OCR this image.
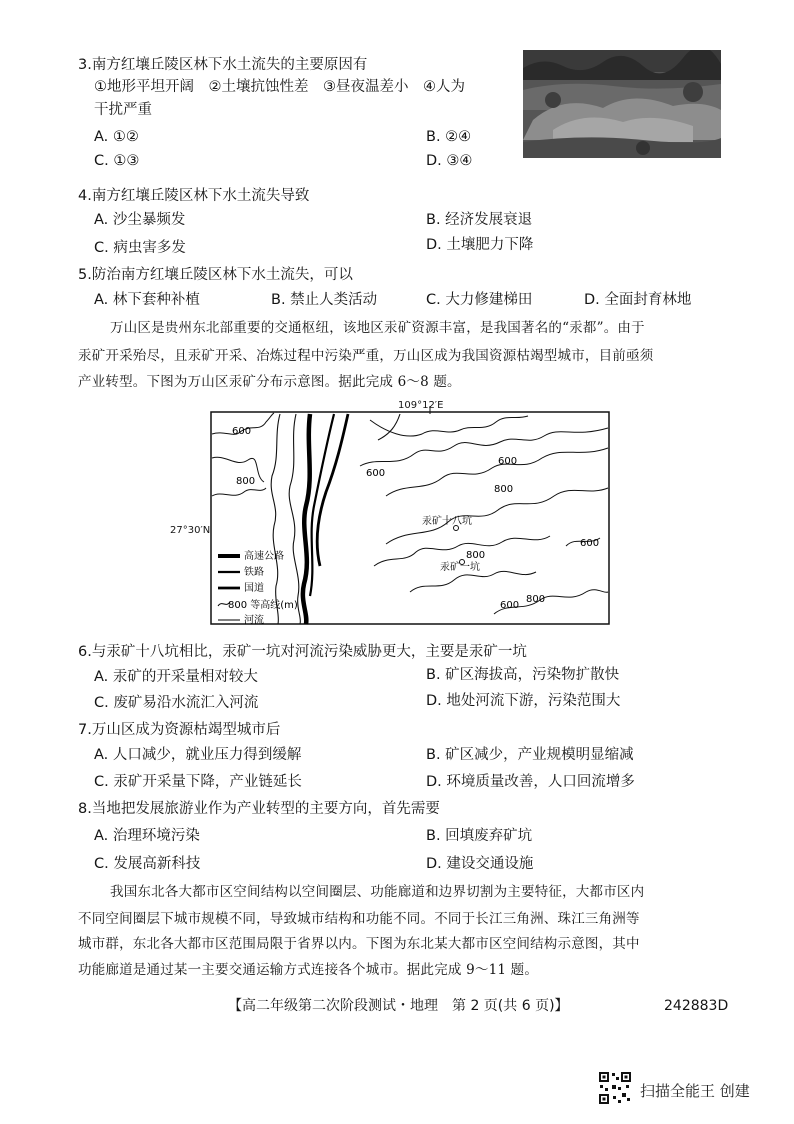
3.南方红壤丘陵区林下水土流失的主要原因有
①地形平坦开阔　②土壤抗蚀性差　③昼夜温差小　④人为
干扰严重
A. ①②	B. ②④
C. ①③	D. ③④
4.南方红壤丘陵区林下水土流失导致
A. 沙尘暴频发	B. 经济发展衰退
C. 病虫害多发	D. 土壤肥力下降
5.防治南方红壤丘陵区林下水土流失，可以
A. 林下套种补植	B. 禁止人类活动	C. 大力修建梯田	D. 全面封育林地
万山区是贵州东北部重要的交通枢纽，该地区汞矿资源丰富，是我国著名的“汞都”。由于
汞矿开采殆尽，且汞矿开采、冶炼过程中污染严重，万山区成为我国资源枯竭型城市，目前亟须
产业转型。下图为万山区汞矿分布示意图。据此完成 6～8 题。
600
800
600
600
800
800
600
800
600
汞矿十八坑
汞矿一坑
高速公路
铁路
国道
800 等高线(m)
河流
109°12′E
27°30′N
6.与汞矿十八坑相比，汞矿一坑对河流污染威胁更大，主要是汞矿一坑
A. 汞矿的开采量相对较大	B. 矿区海拔高，污染物扩散快
C. 废矿易沿水流汇入河流	D. 地处河流下游，污染范围大
7.万山区成为资源枯竭型城市后
A. 人口减少，就业压力得到缓解	B. 矿区减少，产业规模明显缩减
C. 汞矿开采量下降，产业链延长	D. 环境质量改善，人口回流增多
8.当地把发展旅游业作为产业转型的主要方向，首先需要
A. 治理环境污染	B. 回填废弃矿坑
C. 发展高新科技	D. 建设交通设施
我国东北各大都市区空间结构以空间圈层、功能廊道和边界切割为主要特征，大都市区内
不同空间圈层下城市规模不同，导致城市结构和功能不同。不同于长江三角洲、珠江三角洲等
城市群，东北各大都市区范围局限于省界以内。下图为东北某大都市区空间结构示意图，其中
功能廊道是通过某一主要交通运输方式连接各个城市。据此完成 9～11 题。
【高二年级第二次阶段测试・地理　第 2 页(共 6 页)】	242883D
扫描全能王 创建
